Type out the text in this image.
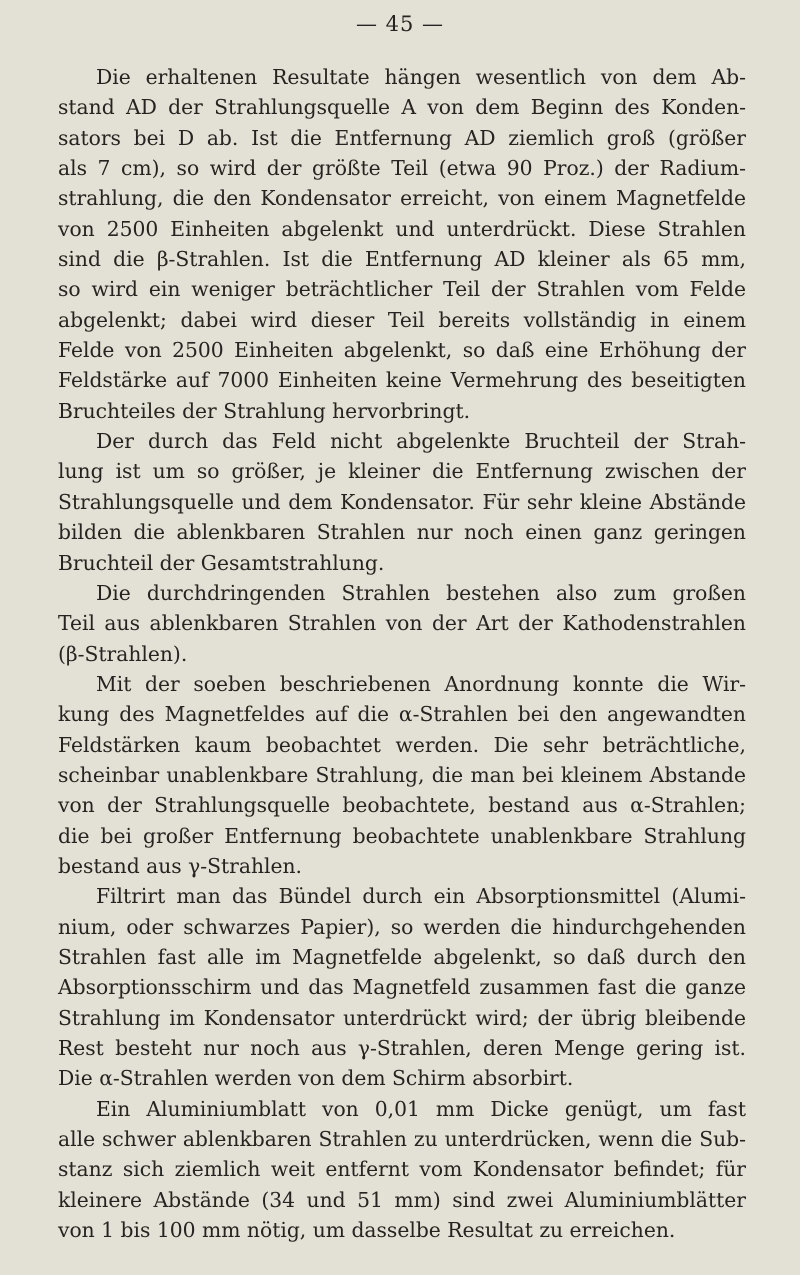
— 45 —
Die erhaltenen Resultate hängen wesentlich von dem Ab-
stand AD der Strahlungsquelle A von dem Beginn des Konden-
sators bei D ab. Ist die Entfernung AD ziemlich groß (größer
als 7 cm), so wird der größte Teil (etwa 90 Proz.) der Radium-
strahlung, die den Kondensator erreicht, von einem Magnetfelde
von 2500 Einheiten abgelenkt und unterdrückt. Diese Strahlen
sind die β-Strahlen. Ist die Entfernung AD kleiner als 65 mm,
so wird ein weniger beträchtlicher Teil der Strahlen vom Felde
abgelenkt; dabei wird dieser Teil bereits vollständig in einem
Felde von 2500 Einheiten abgelenkt, so daß eine Erhöhung der
Feldstärke auf 7000 Einheiten keine Vermehrung des beseitigten
Bruchteiles der Strahlung hervorbringt.
Der durch das Feld nicht abgelenkte Bruchteil der Strah-
lung ist um so größer, je kleiner die Entfernung zwischen der
Strahlungsquelle und dem Kondensator. Für sehr kleine Abstände
bilden die ablenkbaren Strahlen nur noch einen ganz geringen
Bruchteil der Gesamtstrahlung.
Die durchdringenden Strahlen bestehen also zum großen
Teil aus ablenkbaren Strahlen von der Art der Kathodenstrahlen
(β-Strahlen).
Mit der soeben beschriebenen Anordnung konnte die Wir-
kung des Magnetfeldes auf die α-Strahlen bei den angewandten
Feldstärken kaum beobachtet werden. Die sehr beträchtliche,
scheinbar unablenkbare Strahlung, die man bei kleinem Abstande
von der Strahlungsquelle beobachtete, bestand aus α-Strahlen;
die bei großer Entfernung beobachtete unablenkbare Strahlung
bestand aus γ-Strahlen.
Filtrirt man das Bündel durch ein Absorptionsmittel (Alumi-
nium, oder schwarzes Papier), so werden die hindurchgehenden
Strahlen fast alle im Magnetfelde abgelenkt, so daß durch den
Absorptionsschirm und das Magnetfeld zusammen fast die ganze
Strahlung im Kondensator unterdrückt wird; der übrig bleibende
Rest besteht nur noch aus γ-Strahlen, deren Menge gering ist.
Die α-Strahlen werden von dem Schirm absorbirt.
Ein Aluminiumblatt von 0,01 mm Dicke genügt, um fast
alle schwer ablenkbaren Strahlen zu unterdrücken, wenn die Sub-
stanz sich ziemlich weit entfernt vom Kondensator befindet; für
kleinere Abstände (34 und 51 mm) sind zwei Aluminiumblätter
von 1 bis 100 mm nötig, um dasselbe Resultat zu erreichen.
